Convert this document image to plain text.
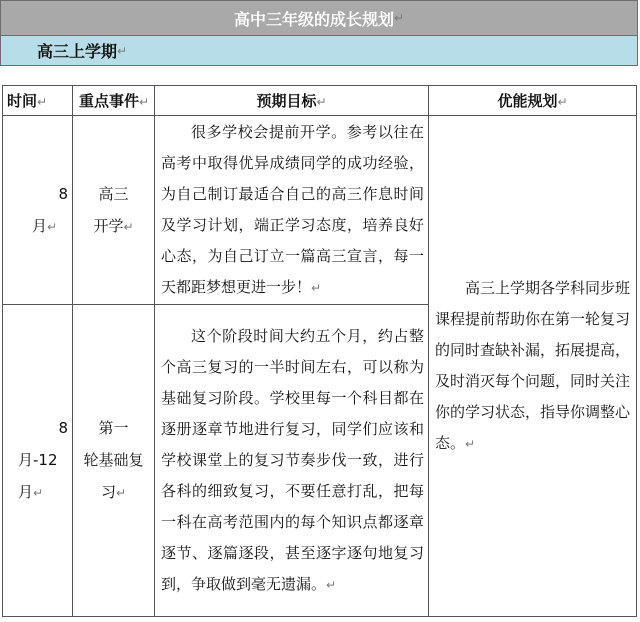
高中三年级的成长规划 ↵
高三上学期 ↵
时间↵	重点事件↵	预期目标↵	优能规划↵
8

月↵	高三
开学↵	很多学校会提前开学。参考以往在高考中取得优异成绩同学的成功经验，为自己制订最适合自己的高三作息时间及学习计划，端正学习态度，培养良好心态，为自己订立一篇高三宣言，每一天都距梦想更进一步！↵	高三上学期各学科同步班课程提前帮助你在第一轮复习的同时查缺补漏，拓展提高，及时消灭每个问题，同时关注你的学习状态，指导你调整心态。↵
8

月-12
月↵	第一
轮基础复
习↵	这个阶段时间大约五个月，约占整个高三复习的一半时间左右，可以称为基础复习阶段。学校里每一个科目都在逐册逐章节地进行复习，同学们应该和学校课堂上的复习节奏步伐一致，进行各科的细致复习，不要任意打乱，把每一科在高考范围内的每个知识点都逐章逐节、逐篇逐段，甚至逐字逐句地复习到，争取做到毫无遗漏。↵	
